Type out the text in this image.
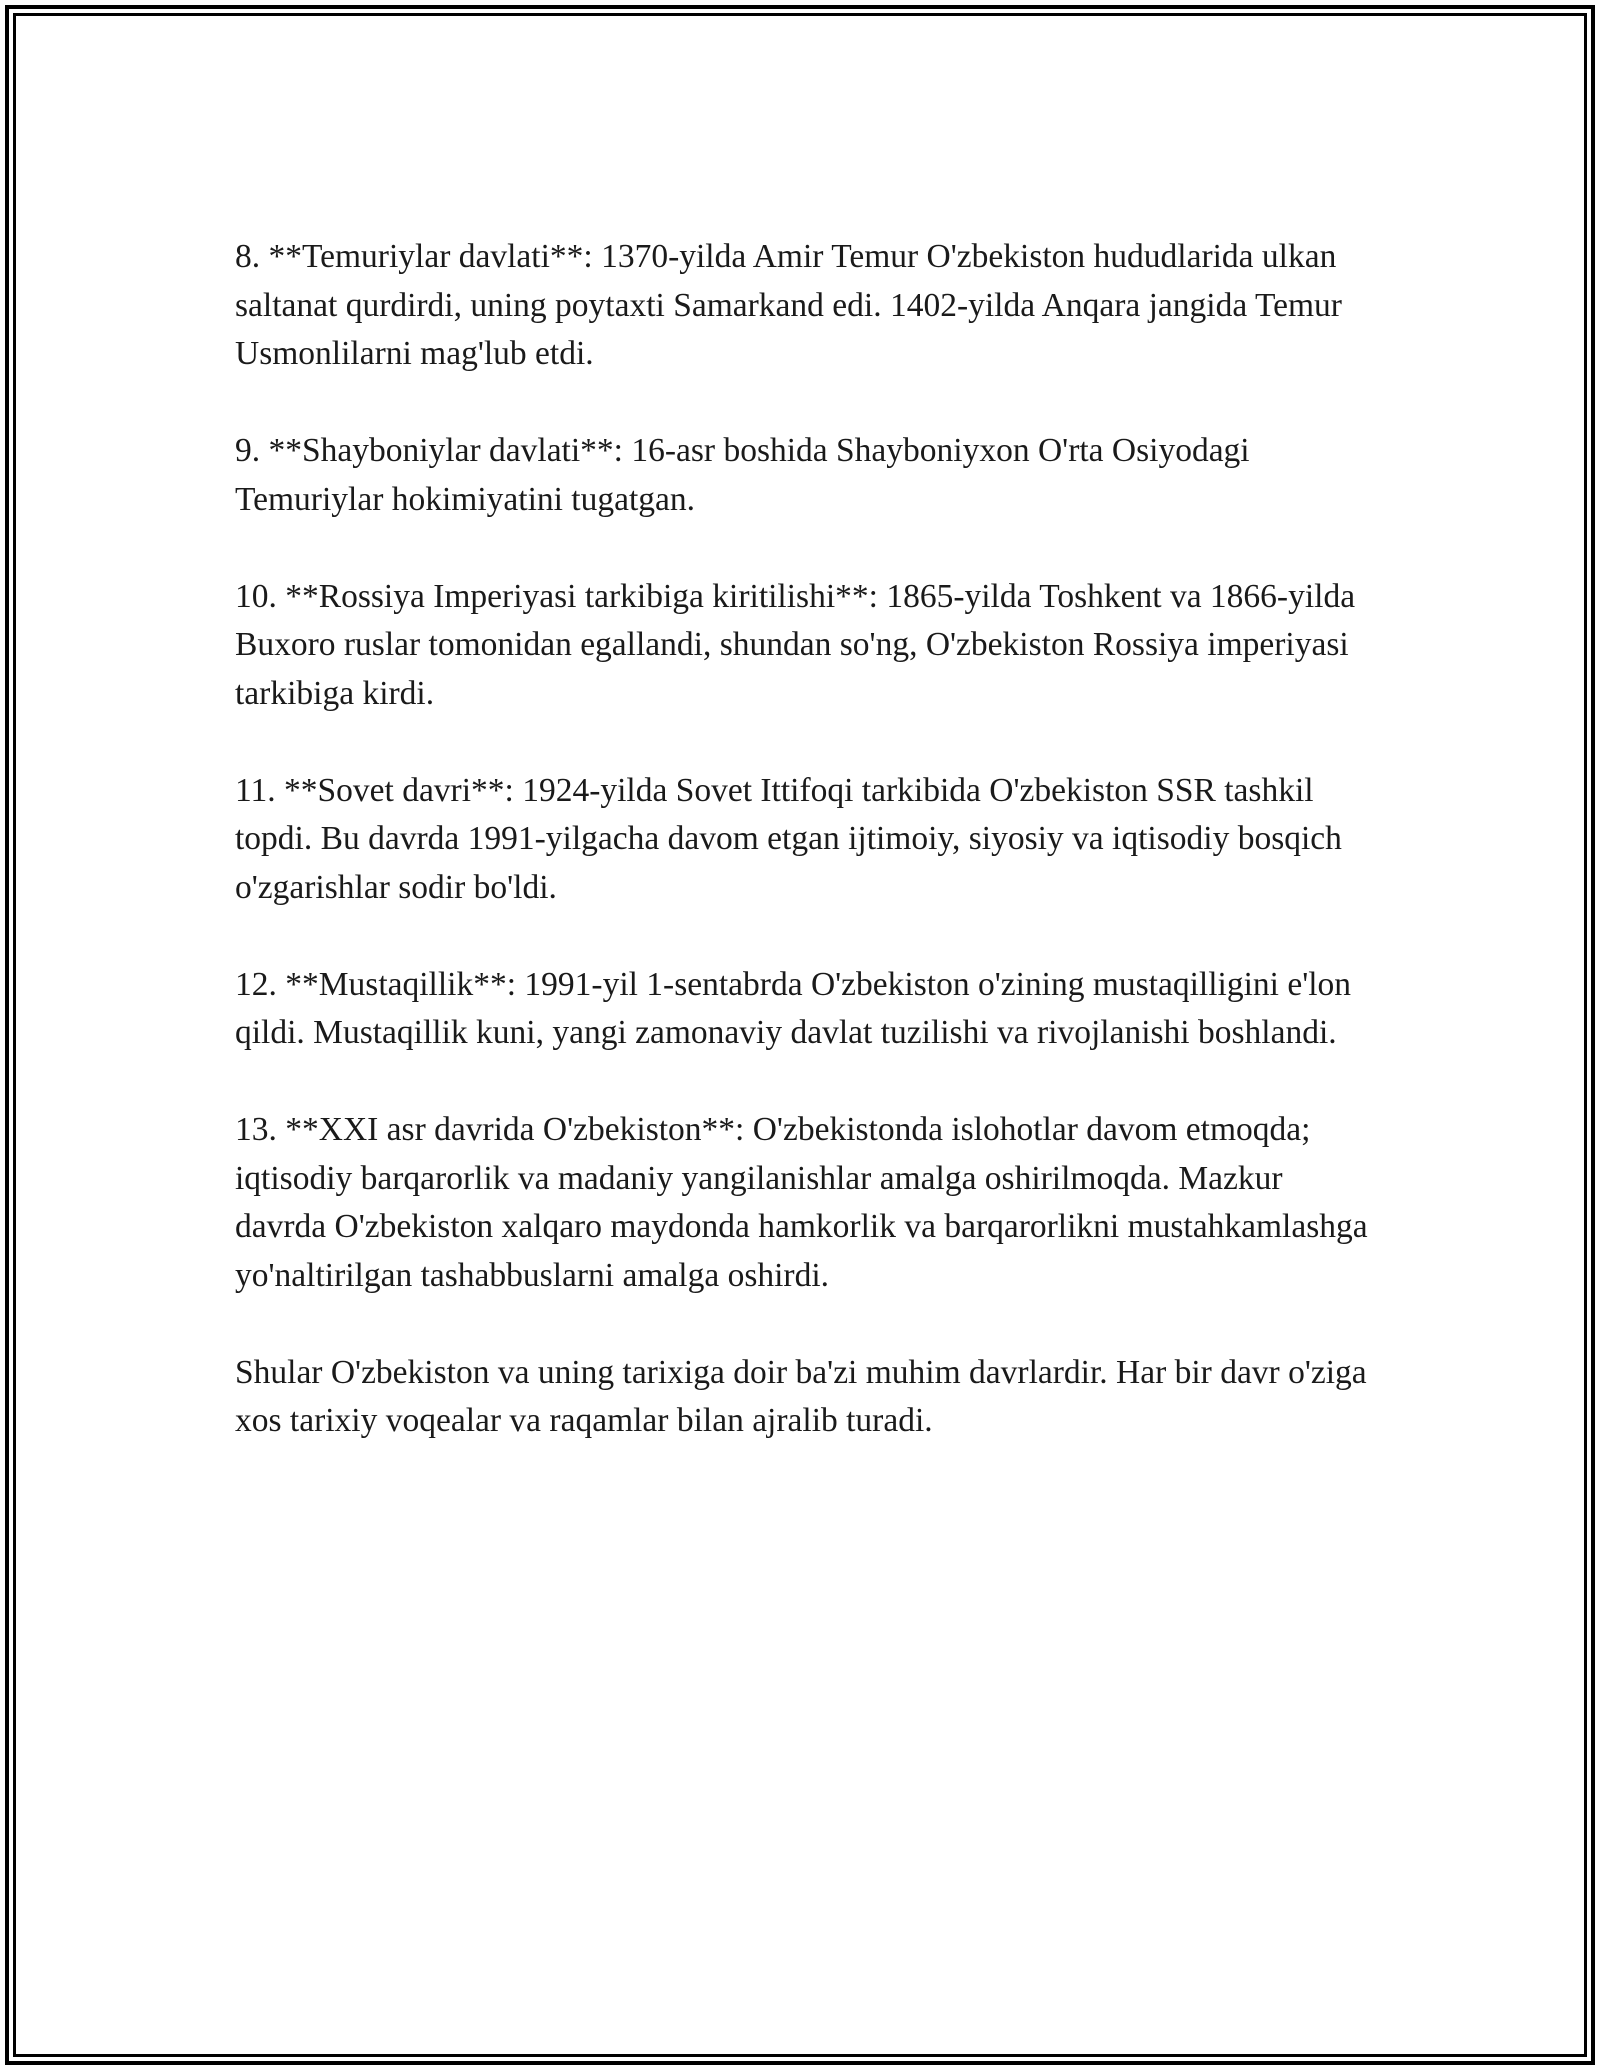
8. **Temuriylar davlati**: 1370-yilda Amir Temur O'zbekiston hududlarida ulkan saltanat qurdirdi, uning poytaxti Samarkand edi. 1402-yilda Anqara jangida Temur Usmonlilarni mag'lub etdi.

9. **Shayboniylar davlati**: 16-asr boshida Shayboniyxon O'rta Osiyodagi Temuriylar hokimiyatini tugatgan.

10. **Rossiya Imperiyasi tarkibiga kiritilishi**: 1865-yilda Toshkent va 1866-yilda Buxoro ruslar tomonidan egallandi, shundan so'ng, O'zbekiston Rossiya imperiyasi tarkibiga kirdi.

11. **Sovet davri**: 1924-yilda Sovet Ittifoqi tarkibida O'zbekiston SSR tashkil topdi. Bu davrda 1991-yilgacha davom etgan ijtimoiy, siyosiy va iqtisodiy bosqich o'zgarishlar sodir bo'ldi.

12. **Mustaqillik**: 1991-yil 1-sentabrda O'zbekiston o'zining mustaqilligini e'lon qildi. Mustaqillik kuni, yangi zamonaviy davlat tuzilishi va rivojlanishi boshlandi.

13. **XXI asr davrida O'zbekiston**: O'zbekistonda islohotlar davom etmoqda; iqtisodiy barqarorlik va madaniy yangilanishlar amalga oshirilmoqda. Mazkur davrda O'zbekiston xalqaro maydonda hamkorlik va barqarorlikni mustahkamlashga yo'naltirilgan tashabbuslarni amalga oshirdi.

Shular O'zbekiston va uning tarixiga doir ba'zi muhim davrlardir. Har bir davr o'ziga xos tarixiy voqealar va raqamlar bilan ajralib turadi.
